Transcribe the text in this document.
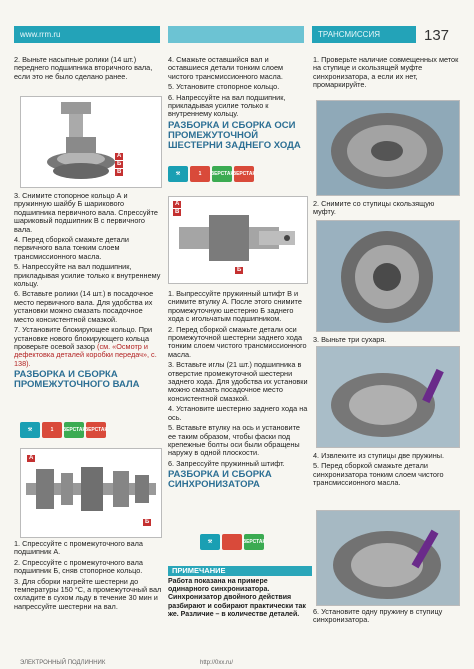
www.rrm.ru	ТРАНСМИССИЯ	137

2. Выньте насыпные ролики (14 шт.) переднего подшипника вторичного вала, если это не было сделано ранее.

А
Б
В

3. Снимите стопорное кольцо А и пружинную шайбу Б шарикового подшипника первичного вала. Спрессуйте шариковый подшипник В с первичного вала.

4. Перед сборкой смажьте детали первичного вала тонким слоем трансмиссионного масла.

5. Напрессуйте на вал подшипник, прикладывая усилие только к внутреннему кольцу.

6. Вставьте ролики (14 шт.) в посадочное место первичного вала. Для удобства их установки можно смазать посадочное место консистентной смазкой.

7. Установите блокирующее кольцо. При установке нового блокирующего кольца проверьте осевой зазор (см. «Осмотр и дефектовка деталей коробки передач», с. 138).

РАЗБОРКА И СБОРКА ПРОМЕЖУТОЧНОГО ВАЛА
⚒	1 ВЕРСТАК
ВЕРСТАК
А
Б

1. Спрессуйте с промежуточного вала подшипник А.

2. Спрессуйте с промежуточного вала подшипник Б, сняв стопорное кольцо.

3. Для сборки нагрейте шестерни до температуры 150 °С, а промежуточный вал охладите в сухом льду в течение 30 мин и напрессуйте шестерни на вал.

4. Смажьте оставшийся вал и оставшиеся детали тонким слоем чистого трансмиссионного масла.

5. Установите стопорное кольцо.

6. Напрессуйте на вал подшипник, прикладывая усилие только к внутреннему кольцу.

РАЗБОРКА И СБОРКА ОСИ ПРОМЕЖУТОЧНОЙ ШЕСТЕРНИ ЗАДНЕГО ХОДА
⚒	1 ВЕРСТАК
ВЕРСТАК
А
В
Б

1. Выпрессуйте пружинный штифт В и снимите втулку А. После этого снимите промежуточную шестерню Б заднего хода с игольчатым подшипником.

2. Перед сборкой смажьте детали оси промежуточной шестерни заднего хода тонким слоем чистого трансмиссионного масла.

3. Вставьте иглы (21 шт.) подшипника в отверстие промежуточной шестерни заднего хода. Для удобства их установки можно смазать посадочное место консистентной смазкой.

4. Установите шестерню заднего хода на ось.

5. Вставьте втулку на ось и установите ее таким образом, чтобы фаски под крепежные болты оси были обращены наружу в одной плоскости.

6. Запрессуйте пружинный штифт.

РАЗБОРКА И СБОРКА СИНХРОНИЗАТОРА
⚒	ВЕРСТАК
ПРИМЕЧАНИЕ
Работа показана на примере одинарного синхронизатора. Синхронизатор двойного действия разбирают и собирают практически так же. Различие – в количестве деталей.

1. Проверьте наличие совмещенных меток на ступице и скользящей муфте синхронизатора, а если их нет, промаркируйте.

2. Снимите со ступицы скользящую муфту.

3. Выньте три сухаря.

4. Извлеките из ступицы две пружины.

5. Перед сборкой смажьте детали синхронизатора тонким слоем чистого трансмиссионного масла.

6. Установите одну пружину в ступицу синхронизатора.

ЭЛЕКТРОННЫЙ ПОДЛИННИК	http://0xx.ru/
